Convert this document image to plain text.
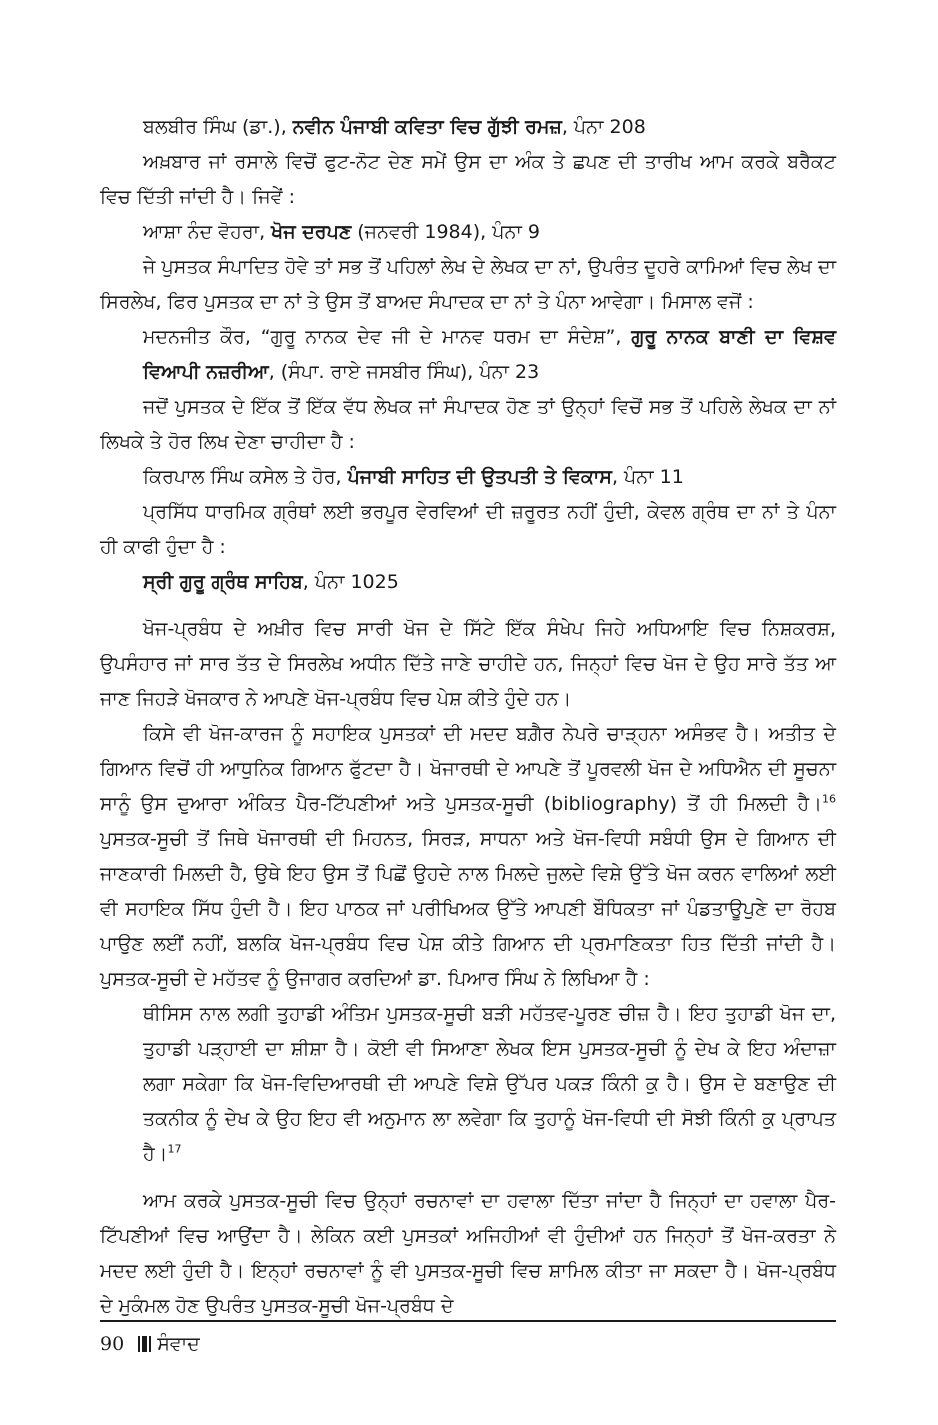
ਬਲਬੀਰ ਸਿੰਘ (ਡਾ.), ਨਵੀਨ ਪੰਜਾਬੀ ਕਵਿਤਾ ਵਿਚ ਗੁੱਝੀ ਰਮਜ਼, ਪੰਨਾ 208

ਅਖ਼ਬਾਰ ਜਾਂ ਰਸਾਲੇ ਵਿਚੋਂ ਫੁਟ-ਨੋਟ ਦੇਣ ਸਮੇਂ ਉਸ ਦਾ ਅੰਕ ਤੇ ਛਪਣ ਦੀ ਤਾਰੀਖ ਆਮ ਕਰਕੇ ਬਰੈਕਟ ਵਿਚ ਦਿੱਤੀ ਜਾਂਦੀ ਹੈ। ਜਿਵੇਂ :

ਆਸ਼ਾ ਨੰਦ ਵੋਹਰਾ, ਖੋਜ ਦਰਪਣ (ਜਨਵਰੀ 1984), ਪੰਨਾ 9

ਜੇ ਪੁਸਤਕ ਸੰਪਾਦਿਤ ਹੋਵੇ ਤਾਂ ਸਭ ਤੋਂ ਪਹਿਲਾਂ ਲੇਖ ਦੇ ਲੇਖਕ ਦਾ ਨਾਂ, ਉਪਰੰਤ ਦੂਹਰੇ ਕਾਮਿਆਂ ਵਿਚ ਲੇਖ ਦਾ ਸਿਰਲੇਖ, ਫਿਰ ਪੁਸਤਕ ਦਾ ਨਾਂ ਤੇ ਉਸ ਤੋਂ ਬਾਅਦ ਸੰਪਾਦਕ ਦਾ ਨਾਂ ਤੇ ਪੰਨਾ ਆਵੇਗਾ। ਮਿਸਾਲ ਵਜੋਂ :

ਮਦਨਜੀਤ ਕੌਰ, “ਗੁਰੂ ਨਾਨਕ ਦੇਵ ਜੀ ਦੇ ਮਾਨਵ ਧਰਮ ਦਾ ਸੰਦੇਸ਼”, ਗੁਰੂ ਨਾਨਕ ਬਾਣੀ ਦਾ ਵਿਸ਼ਵ ਵਿਆਪੀ ਨਜ਼ਰੀਆ, (ਸੰਪਾ. ਰਾਏ ਜਸਬੀਰ ਸਿੰਘ), ਪੰਨਾ 23

ਜਦੋਂ ਪੁਸਤਕ ਦੇ ਇੱਕ ਤੋਂ ਇੱਕ ਵੱਧ ਲੇਖਕ ਜਾਂ ਸੰਪਾਦਕ ਹੋਣ ਤਾਂ ਉਨ੍ਹਾਂ ਵਿਚੋਂ ਸਭ ਤੋਂ ਪਹਿਲੇ ਲੇਖਕ ਦਾ ਨਾਂ ਲਿਖਕੇ ਤੇ ਹੋਰ ਲਿਖ ਦੇਣਾ ਚਾਹੀਦਾ ਹੈ :

ਕਿਰਪਾਲ ਸਿੰਘ ਕਸੇਲ ਤੇ ਹੋਰ, ਪੰਜਾਬੀ ਸਾਹਿਤ ਦੀ ਉਤਪਤੀ ਤੇ ਵਿਕਾਸ, ਪੰਨਾ 11

ਪ੍ਰਸਿੱਧ ਧਾਰਮਿਕ ਗ੍ਰੰਥਾਂ ਲਈ ਭਰਪੂਰ ਵੇਰਵਿਆਂ ਦੀ ਜ਼ਰੂਰਤ ਨਹੀਂ ਹੁੰਦੀ, ਕੇਵਲ ਗ੍ਰੰਥ ਦਾ ਨਾਂ ਤੇ ਪੰਨਾ ਹੀ ਕਾਫੀ ਹੁੰਦਾ ਹੈ :

ਸ੍ਰੀ ਗੁਰੂ ਗ੍ਰੰਥ ਸਾਹਿਬ, ਪੰਨਾ 1025

ਖੋਜ-ਪ੍ਰਬੰਧ ਦੇ ਅਖ਼ੀਰ ਵਿਚ ਸਾਰੀ ਖੋਜ ਦੇ ਸਿੱਟੇ ਇੱਕ ਸੰਖੇਪ ਜਿਹੇ ਅਧਿਆਇ ਵਿਚ ਨਿਸ਼ਕਰਸ਼, ਉਪਸੰਹਾਰ ਜਾਂ ਸਾਰ ਤੱਤ ਦੇ ਸਿਰਲੇਖ ਅਧੀਨ ਦਿੱਤੇ ਜਾਣੇ ਚਾਹੀਦੇ ਹਨ, ਜਿਨ੍ਹਾਂ ਵਿਚ ਖੋਜ ਦੇ ਉਹ ਸਾਰੇ ਤੱਤ ਆ ਜਾਣ ਜਿਹੜੇ ਖੋਜਕਾਰ ਨੇ ਆਪਣੇ ਖੋਜ-ਪ੍ਰਬੰਧ ਵਿਚ ਪੇਸ਼ ਕੀਤੇ ਹੁੰਦੇ ਹਨ।

ਕਿਸੇ ਵੀ ਖੋਜ-ਕਾਰਜ ਨੂੰ ਸਹਾਇਕ ਪੁਸਤਕਾਂ ਦੀ ਮਦਦ ਬਗ਼ੈਰ ਨੇਪਰੇ ਚਾੜ੍ਹਨਾ ਅਸੰਭਵ ਹੈ। ਅਤੀਤ ਦੇ ਗਿਆਨ ਵਿਚੋਂ ਹੀ ਆਧੁਨਿਕ ਗਿਆਨ ਫੁੱਟਦਾ ਹੈ। ਖੋਜਾਰਥੀ ਦੇ ਆਪਣੇ ਤੋਂ ਪੂਰਵਲੀ ਖੋਜ ਦੇ ਅਧਿਐਨ ਦੀ ਸੂਚਨਾ ਸਾਨੂੰ ਉਸ ਦੁਆਰਾ ਅੰਕਿਤ ਪੈਰ-ਟਿੱਪਣੀਆਂ ਅਤੇ ਪੁਸਤਕ-ਸੂਚੀ (bibliography) ਤੋਂ ਹੀ ਮਿਲਦੀ ਹੈ।$^{16}$ ਪੁਸਤਕ-ਸੂਚੀ ਤੋਂ ਜਿਥੇ ਖੋਜਾਰਥੀ ਦੀ ਮਿਹਨਤ, ਸਿਰੜ, ਸਾਧਨਾ ਅਤੇ ਖੋਜ-ਵਿਧੀ ਸਬੰਧੀ ਉਸ ਦੇ ਗਿਆਨ ਦੀ ਜਾਣਕਾਰੀ ਮਿਲਦੀ ਹੈ, ਉਥੇ ਇਹ ਉਸ ਤੋਂ ਪਿਛੋਂ ਉਹਦੇ ਨਾਲ ਮਿਲਦੇ ਜੁਲਦੇ ਵਿਸ਼ੇ ਉੱਤੇ ਖੋਜ ਕਰਨ ਵਾਲਿਆਂ ਲਈ ਵੀ ਸਹਾਇਕ ਸਿੱਧ ਹੁੰਦੀ ਹੈ। ਇਹ ਪਾਠਕ ਜਾਂ ਪਰੀਖਿਅਕ ਉੱਤੇ ਆਪਣੀ ਬੌਧਿਕਤਾ ਜਾਂ ਪੰਡਤਾਊਪੁਣੇ ਦਾ ਰੋਹਬ ਪਾਉਣ ਲਈਂ ਨਹੀਂ, ਬਲਕਿ ਖੋਜ-ਪ੍ਰਬੰਧ ਵਿਚ ਪੇਸ਼ ਕੀਤੇ ਗਿਆਨ ਦੀ ਪ੍ਰਮਾਣਿਕਤਾ ਹਿਤ ਦਿੱਤੀ ਜਾਂਦੀ ਹੈ। ਪੁਸਤਕ-ਸੂਚੀ ਦੇ ਮਹੱਤਵ ਨੂੰ ਉਜਾਗਰ ਕਰਦਿਆਂ ਡਾ. ਪਿਆਰ ਸਿੰਘ ਨੇ ਲਿਖਿਆ ਹੈ :

ਥੀਸਿਸ ਨਾਲ ਲਗੀ ਤੁਹਾਡੀ ਅੰਤਿਮ ਪੁਸਤਕ-ਸੂਚੀ ਬੜੀ ਮਹੱਤਵ-ਪੂਰਣ ਚੀਜ਼ ਹੈ। ਇਹ ਤੁਹਾਡੀ ਖੋਜ ਦਾ, ਤੁਹਾਡੀ ਪੜ੍ਹਾਈ ਦਾ ਸ਼ੀਸ਼ਾ ਹੈ। ਕੋਈ ਵੀ ਸਿਆਣਾ ਲੇਖਕ ਇਸ ਪੁਸਤਕ-ਸੂਚੀ ਨੂੰ ਦੇਖ ਕੇ ਇਹ ਅੰਦਾਜ਼ਾ ਲਗਾ ਸਕੇਗਾ ਕਿ ਖੋਜ-ਵਿਦਿਆਰਥੀ ਦੀ ਆਪਣੇ ਵਿਸ਼ੇ ਉੱਪਰ ਪਕੜ ਕਿੰਨੀ ਕੁ ਹੈ। ਉਸ ਦੇ ਬਣਾਉਣ ਦੀ ਤਕਨੀਕ ਨੂੰ ਦੇਖ ਕੇ ਉਹ ਇਹ ਵੀ ਅਨੁਮਾਨ ਲਾ ਲਵੇਗਾ ਕਿ ਤੁਹਾਨੂੰ ਖੋਜ-ਵਿਧੀ ਦੀ ਸੋਝੀ ਕਿੰਨੀ ਕੁ ਪ੍ਰਾਪਤ ਹੈ।$^{17}$

ਆਮ ਕਰਕੇ ਪੁਸਤਕ-ਸੂਚੀ ਵਿਚ ਉਨ੍ਹਾਂ ਰਚਨਾਵਾਂ ਦਾ ਹਵਾਲਾ ਦਿੱਤਾ ਜਾਂਦਾ ਹੈ ਜਿਨ੍ਹਾਂ ਦਾ ਹਵਾਲਾ ਪੈਰ-ਟਿੱਪਣੀਆਂ ਵਿਚ ਆਉਂਦਾ ਹੈ। ਲੇਕਿਨ ਕਈ ਪੁਸਤਕਾਂ ਅਜਿਹੀਆਂ ਵੀ ਹੁੰਦੀਆਂ ਹਨ ਜਿਨ੍ਹਾਂ ਤੋਂ ਖੋਜ-ਕਰਤਾ ਨੇ ਮਦਦ ਲਈ ਹੁੰਦੀ ਹੈ। ਇਨ੍ਹਾਂ ਰਚਨਾਵਾਂ ਨੂੰ ਵੀ ਪੁਸਤਕ-ਸੂਚੀ ਵਿਚ ਸ਼ਾਮਿਲ ਕੀਤਾ ਜਾ ਸਕਦਾ ਹੈ। ਖੋਜ-ਪ੍ਰਬੰਧ ਦੇ ਮੁਕੰਮਲ ਹੋਣ ਉਪਰੰਤ ਪੁਸਤਕ-ਸੂਚੀ ਖੋਜ-ਪ੍ਰਬੰਧ ਦੇ

90 ਸੰਵਾਦ
